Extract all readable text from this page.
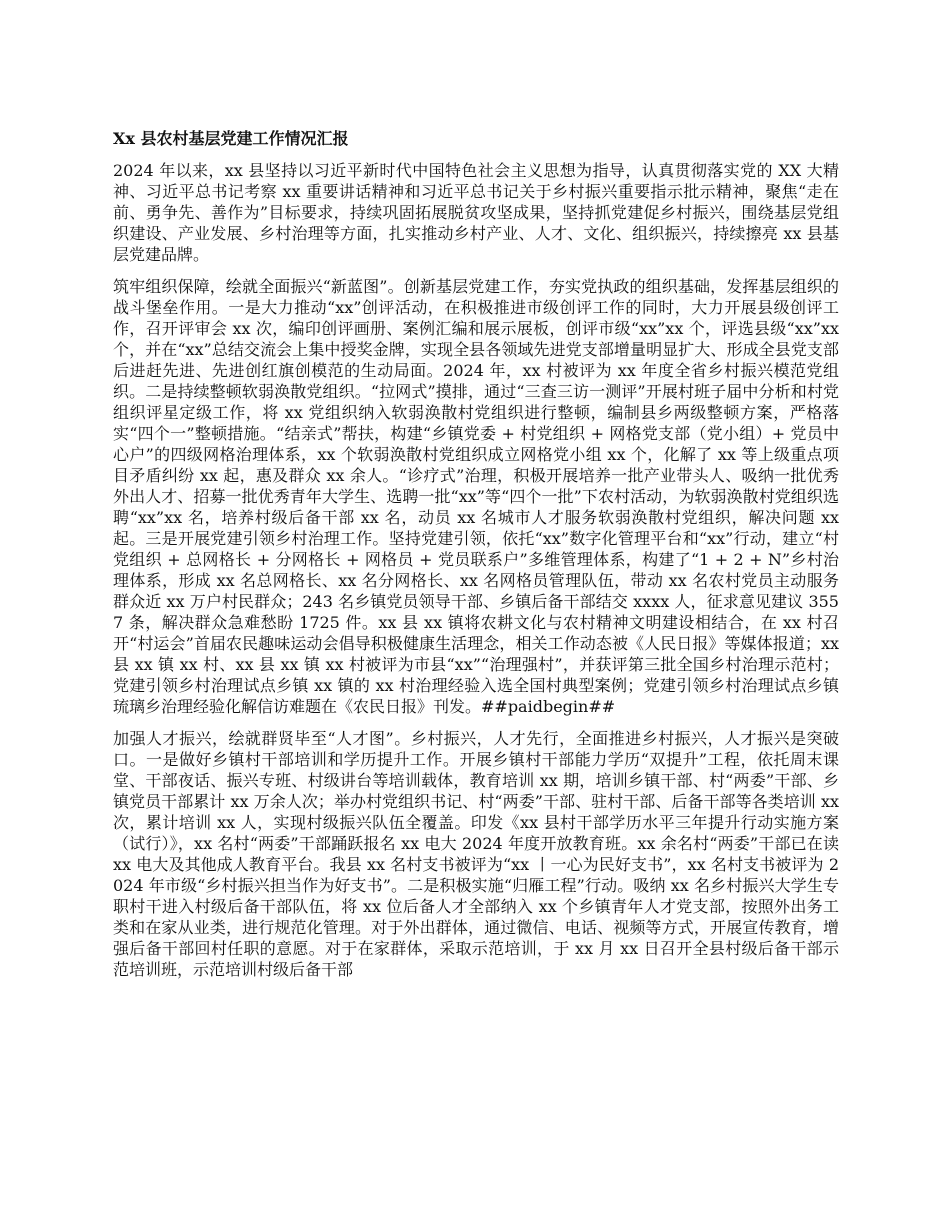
Xx 县农村基层党建工作情况汇报
2024 年以来，xx 县坚持以习近平新时代中国特色社会主义思想为指导，认真贯彻落实党的 XX 大精神、习近平总书记考察 xx 重要讲话精神和习近平总书记关于乡村振兴重要指示批示精神，聚焦“走在前、勇争先、善作为”目标要求，持续巩固拓展脱贫攻坚成果，坚持抓党建促乡村振兴，围绕基层党组织建设、产业发展、乡村治理等方面，扎实推动乡村产业、人才、文化、组织振兴，持续擦亮 xx 县基层党建品牌。
筑牢组织保障，绘就全面振兴“新蓝图”。创新基层党建工作，夯实党执政的组织基础，发挥基层组织的战斗堡垒作用。一是大力推动“xx”创评活动，在积极推进市级创评工作的同时，大力开展县级创评工作，召开评审会 xx 次，编印创评画册、案例汇编和展示展板，创评市级“xx”xx 个，评选县级“xx”xx 个，并在“xx”总结交流会上集中授奖金牌，实现全县各领域先进党支部增量明显扩大、形成全县党支部后进赶先进、先进创红旗创模范的生动局面。2024 年，xx 村被评为 xx 年度全省乡村振兴模范党组织。二是持续整顿软弱涣散党组织。“拉网式”摸排，通过“三查三访一测评”开展村班子届中分析和村党组织评星定级工作，将 xx 党组织纳入软弱涣散村党组织进行整顿，编制县乡两级整顿方案，严格落实“四个一”整顿措施。“结亲式”帮扶，构建“乡镇党委 + 村党组织 + 网格党支部（党小组）+ 党员中心户”的四级网格治理体系，xx 个软弱涣散村党组织成立网格党小组 xx 个，化解了 xx 等上级重点项目矛盾纠纷 xx 起，惠及群众 xx 余人。“诊疗式”治理，积极开展培养一批产业带头人、吸纳一批优秀外出人才、招募一批优秀青年大学生、选聘一批“xx”等“四个一批”下农村活动，为软弱涣散村党组织选聘“xx”xx 名，培养村级后备干部 xx 名，动员 xx 名城市人才服务软弱涣散村党组织，解决问题 xx 起。三是开展党建引领乡村治理工作。坚持党建引领，依托“xx”数字化管理平台和“xx”行动，建立“村党组织 + 总网格长 + 分网格长 + 网格员 + 党员联系户”多维管理体系，构建了“1 + 2 + N”乡村治理体系，形成 xx 名总网格长、xx 名分网格长、xx 名网格员管理队伍，带动 xx 名农村党员主动服务群众近 xx 万户村民群众；243 名乡镇党员领导干部、乡镇后备干部结交 xxxx 人，征求意见建议 3557 条，解决群众急难愁盼 1725 件。xx 县 xx 镇将农耕文化与农村精神文明建设相结合，在 xx 村召开“村运会”首届农民趣味运动会倡导积极健康生活理念，相关工作动态被《人民日报》等媒体报道；xx 县 xx 镇 xx 村、xx 县 xx 镇 xx 村被评为市县“xx”“治理强村”，并获评第三批全国乡村治理示范村；党建引领乡村治理试点乡镇 xx 镇的 xx 村治理经验入选全国村典型案例；党建引领乡村治理试点乡镇琉璃乡治理经验化解信访难题在《农民日报》刊发。##paidbegin##
加强人才振兴，绘就群贤毕至“人才图”。乡村振兴，人才先行，全面推进乡村振兴，人才振兴是突破口。一是做好乡镇村干部培训和学历提升工作。开展乡镇村干部能力学历“双提升”工程，依托周末课堂、干部夜话、振兴专班、村级讲台等培训载体，教育培训 xx 期，培训乡镇干部、村“两委”干部、乡镇党员干部累计 xx 万余人次；举办村党组织书记、村“两委”干部、驻村干部、后备干部等各类培训 xx 次，累计培训 xx 人，实现村级振兴队伍全覆盖。印发《xx 县村干部学历水平三年提升行动实施方案（试行）》，xx 名村“两委”干部踊跃报名 xx 电大 2024 年度开放教育班。xx 余名村“两委”干部已在读 xx 电大及其他成人教育平台。我县 xx 名村支书被评为“xx 丨一心为民好支书”，xx 名村支书被评为 2024 年市级“乡村振兴担当作为好支书”。二是积极实施“归雁工程”行动。吸纳 xx 名乡村振兴大学生专职村干进入村级后备干部队伍，将 xx 位后备人才全部纳入 xx 个乡镇青年人才党支部，按照外出务工类和在家从业类，进行规范化管理。对于外出群体，通过微信、电话、视频等方式，开展宣传教育，增强后备干部回村任职的意愿。对于在家群体，采取示范培训，于 xx 月 xx 日召开全县村级后备干部示范培训班，示范培训村级后备干部
